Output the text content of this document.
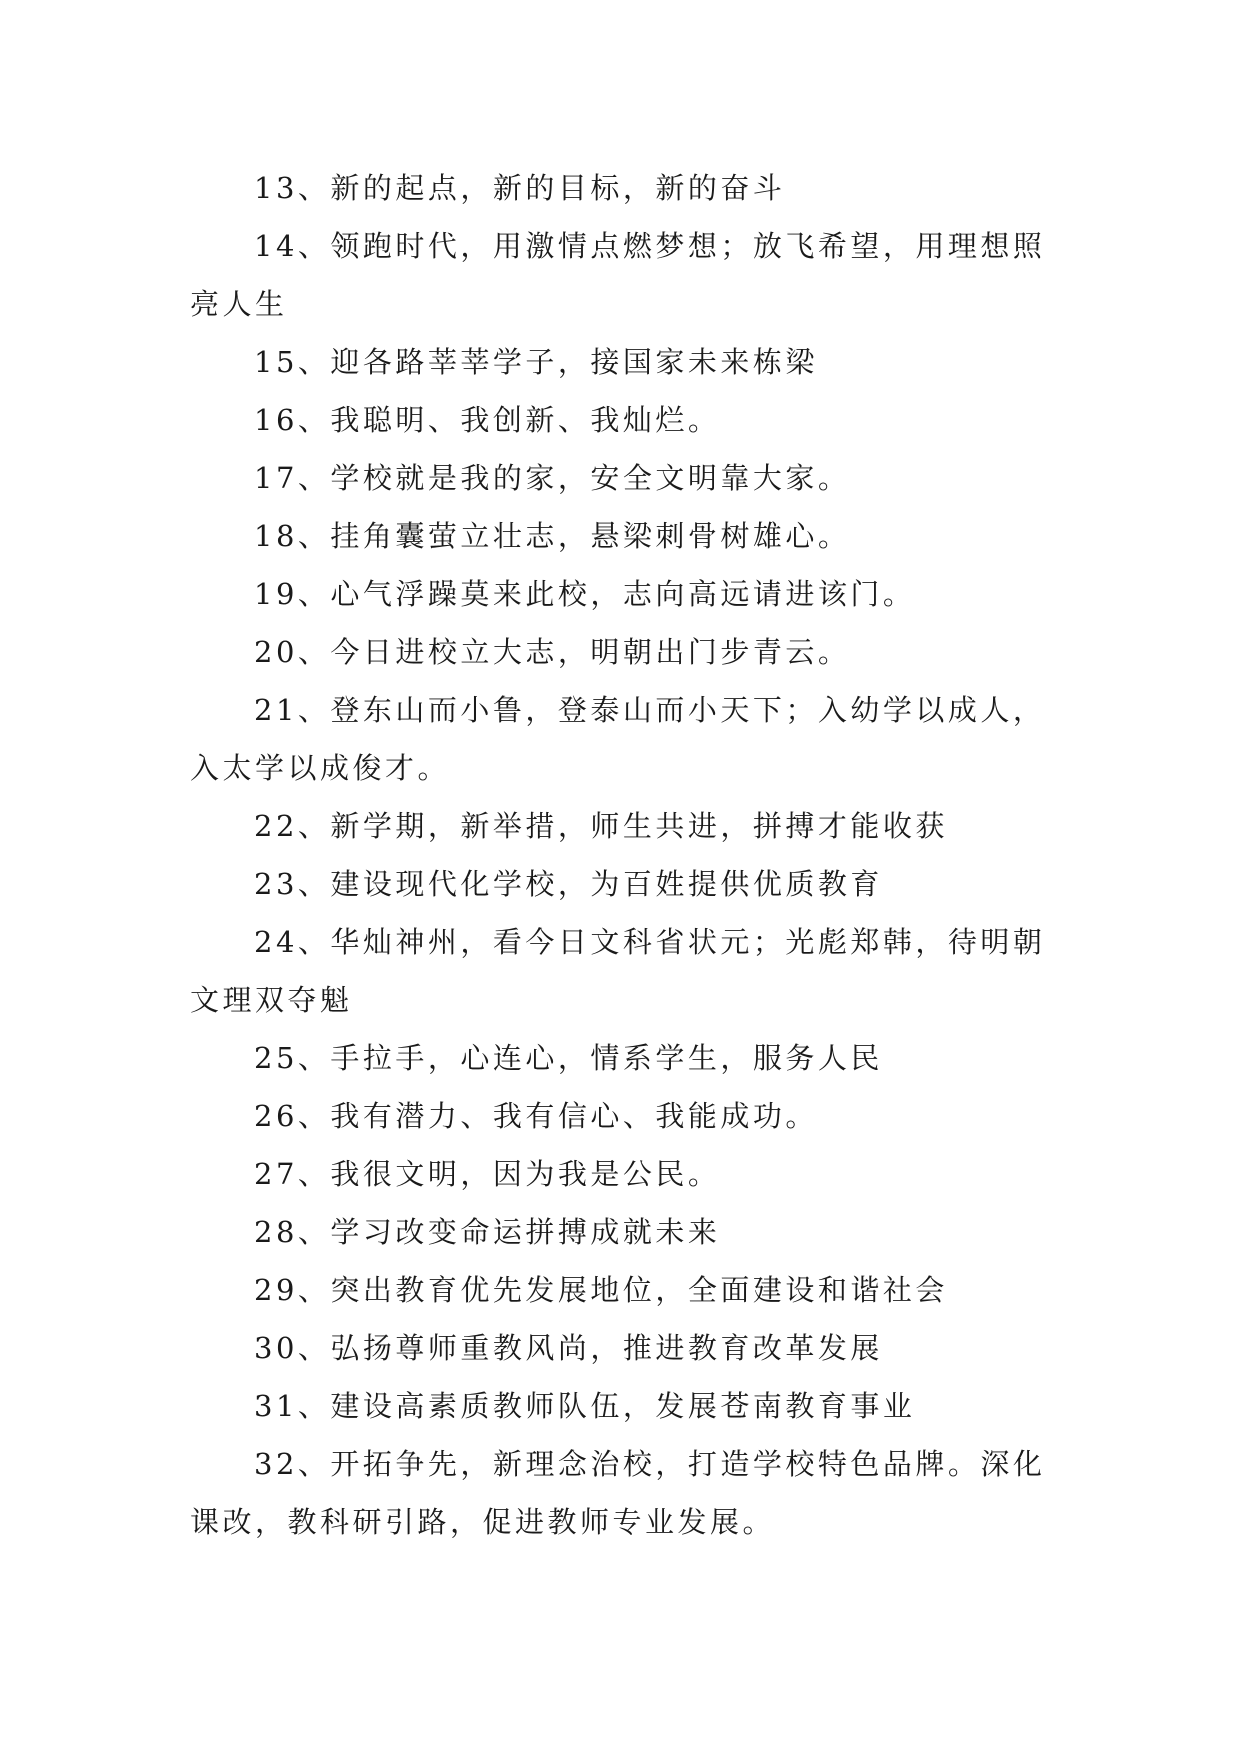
13、新的起点，新的目标，新的奋斗

14、领跑时代，用激情点燃梦想；放飞希望，用理想照亮人生

15、迎各路莘莘学子，接国家未来栋梁

16、我聪明、我创新、我灿烂。

17、学校就是我的家，安全文明靠大家。

18、挂角囊萤立壮志，悬梁刺骨树雄心。

19、心气浮躁莫来此校，志向高远请进该门。

20、今日进校立大志，明朝出门步青云。

21、登东山而小鲁，登泰山而小天下；入幼学以成人，入太学以成俊才。

22、新学期，新举措，师生共进，拼搏才能收获

23、建设现代化学校，为百姓提供优质教育

24、华灿神州，看今日文科省状元；光彪郑韩，待明朝文理双夺魁

25、手拉手，心连心，情系学生，服务人民

26、我有潜力、我有信心、我能成功。

27、我很文明，因为我是公民。

28、学习改变命运拼搏成就未来

29、突出教育优先发展地位，全面建设和谐社会

30、弘扬尊师重教风尚，推进教育改革发展

31、建设高素质教师队伍，发展苍南教育事业

32、开拓争先，新理念治校，打造学校特色品牌。深化课改，教科研引路，促进教师专业发展。
